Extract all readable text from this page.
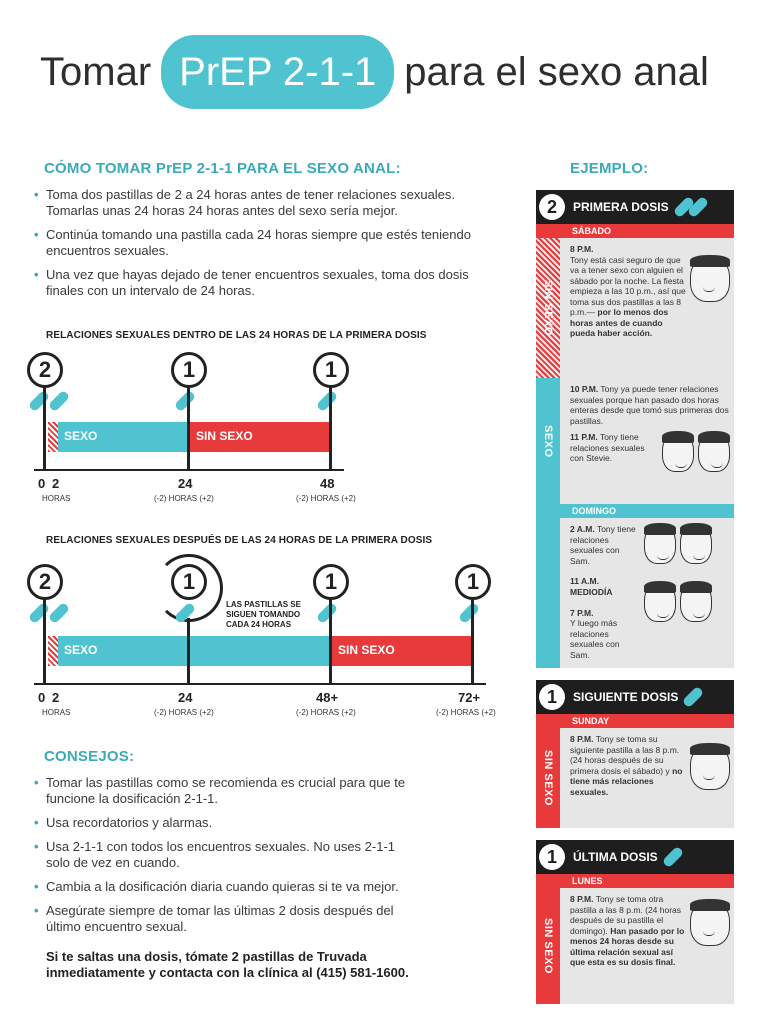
Tomar PrEP 2-1-1 para el sexo anal
CÓMO TOMAR PrEP 2-1-1 PARA EL SEXO ANAL:
• Toma dos pastillas de 2 a 24 horas antes de tener relaciones sexuales. Tomarlas unas 24 horas 24 horas antes del sexo sería mejor.
• Continúa tomando una pastilla cada 24 horas siempre que estés teniendo encuentros sexuales.
• Una vez que hayas dejado de tener encuentros sexuales, toma dos dosis finales con un intervalo de 24 horas.
RELACIONES SEXUALES DENTRO DE LAS 24 HORAS DE LA PRIMERA DOSIS
2	1	1
SEXO	SIN SEXO
0 2	24	48
HORAS	(-2) HORAS (+2)	(-2) HORAS (+2)
RELACIONES SEXUALES DESPUÉS DE LAS 24 HORAS DE LA PRIMERA DOSIS
2	1	1	1
LAS PASTILLAS SE SIGUEN TOMANDO CADA 24 HORAS
SEXO	SIN SEXO
0 2	24	48+	72+
HORAS	(-2) HORAS (+2)	(-2) HORAS (+2)	(-2) HORAS (+2)
CONSEJOS:
• Tomar las pastillas como se recomienda es crucial para que te funcione la dosificación 2-1-1.
• Usa recordatorios y alarmas.
• Usa 2-1-1 con todos los encuentros sexuales. No uses 2-1-1 solo de vez en cuando.
• Cambia a la dosificación diaria cuando quieras si te va mejor.
• Asegúrate siempre de tomar las últimas 2 dosis después del último encuentro sexual.
Si te saltas una dosis, tómate 2 pastillas de Truvada inmediatamente y contacta con la clínica al (415) 581-1600.
EJEMPLO:
2	PRIMERA DOSIS
SÁBADO
SIN SEXO
8 P.M.
Tony está casi seguro de que va a tener sexo con alguien el sábado por la noche. La fiesta empieza a las 10 p.m., así que toma sus dos pastillas a las 8 p.m.— por lo menos dos horas antes de cuando pueda haber acción.
SEXO
10 P.M. Tony ya puede tener relaciones sexuales porque han pasado dos horas enteras desde que tomó sus primeras dos pastillas.
11 P.M. Tony tiene relaciones sexuales con Stevie.
DOMINGO
2 A.M. Tony tiene relaciones sexuales con Sam.
11 A.M. MEDIODÍA

7 P.M.
Y luego más relaciones sexuales con Sam.
1	SIGUIENTE DOSIS
SUNDAY
SIN SEXO
8 P.M. Tony se toma su siguiente pastilla a las 8 p.m. (24 horas después de su primera dosis el sábado) y no tiene más relaciones sexuales.
1	ÚLTIMA DOSIS
LUNES
SIN SEXO
8 P.M. Tony se toma otra pastilla a las 8 p.m. (24 horas después de su pastilla el domingo). Han pasado por lo menos 24 horas desde su última relación sexual así que esta es su dosis final.
